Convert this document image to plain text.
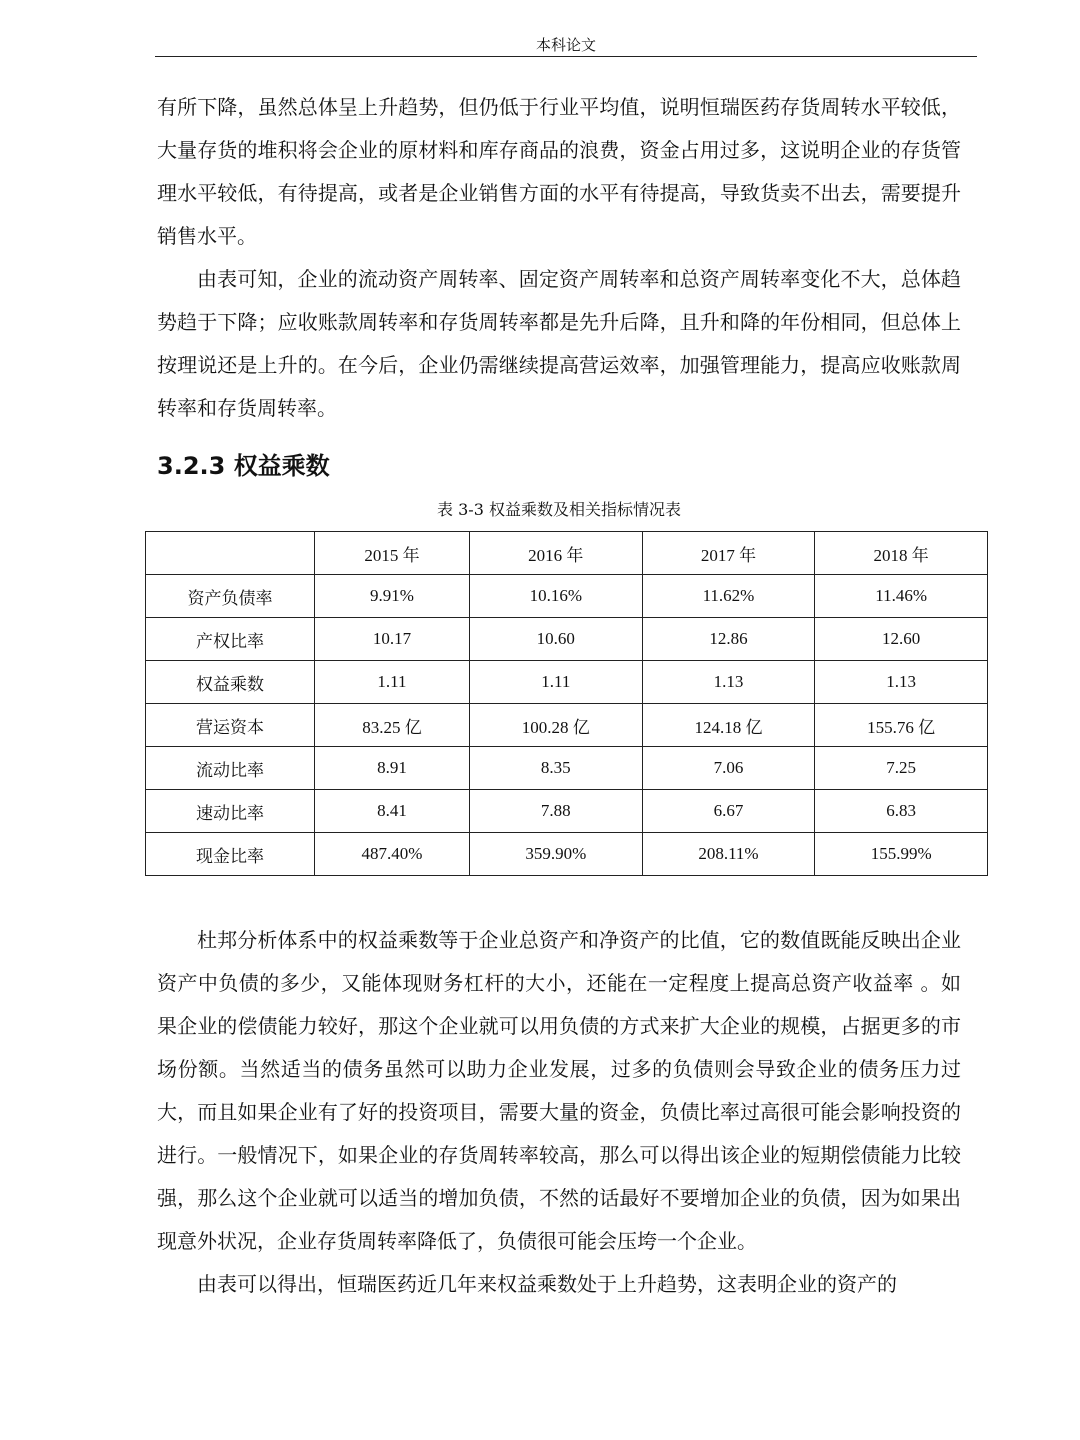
本科论文

有所下降，虽然总体呈上升趋势，但仍低于行业平均值，说明恒瑞医药存货周转水平较低，大量存货的堆积将会企业的原材料和库存商品的浪费，资金占用过多，这说明企业的存货管理水平较低，有待提高，或者是企业销售方面的水平有待提高，导致货卖不出去，需要提升销售水平。

由表可知，企业的流动资产周转率、固定资产周转率和总资产周转率变化不大，总体趋势趋于下降；应收账款周转率和存货周转率都是先升后降，且升和降的年份相同，但总体上按理说还是上升的。在今后，企业仍需继续提高营运效率，加强管理能力，提高应收账款周转率和存货周转率。

3.2.3 权益乘数
表 3-3 权益乘数及相关指标情况表
	2015 年	2016 年	2017 年	2018 年
资产负债率	9.91%	10.16%	11.62%	11.46%
产权比率	10.17	10.60	12.86	12.60
权益乘数	1.11	1.11	1.13	1.13
营运资本	83.25 亿	100.28 亿	124.18 亿	155.76 亿
流动比率	8.91	8.35	7.06	7.25
速动比率	8.41	7.88	6.67	6.83
现金比率	487.40%	359.90%	208.11%	155.99%

杜邦分析体系中的权益乘数等于企业总资产和净资产的比值，它的数值既能反映出企业资产中负债的多少，又能体现财务杠杆的大小，还能在一定程度上提高总资产收益率 。如果企业的偿债能力较好，那这个企业就可以用负债的方式来扩大企业的规模，占据更多的市场份额。当然适当的债务虽然可以助力企业发展，过多的负债则会导致企业的债务压力过大，而且如果企业有了好的投资项目，需要大量的资金，负债比率过高很可能会影响投资的进行。一般情况下，如果企业的存货周转率较高，那么可以得出该企业的短期偿债能力比较强，那么这个企业就可以适当的增加负债，不然的话最好不要增加企业的负债，因为如果出现意外状况，企业存货周转率降低了，负债很可能会压垮一个企业。

由表可以得出，恒瑞医药近几年来权益乘数处于上升趋势，这表明企业的资产的
